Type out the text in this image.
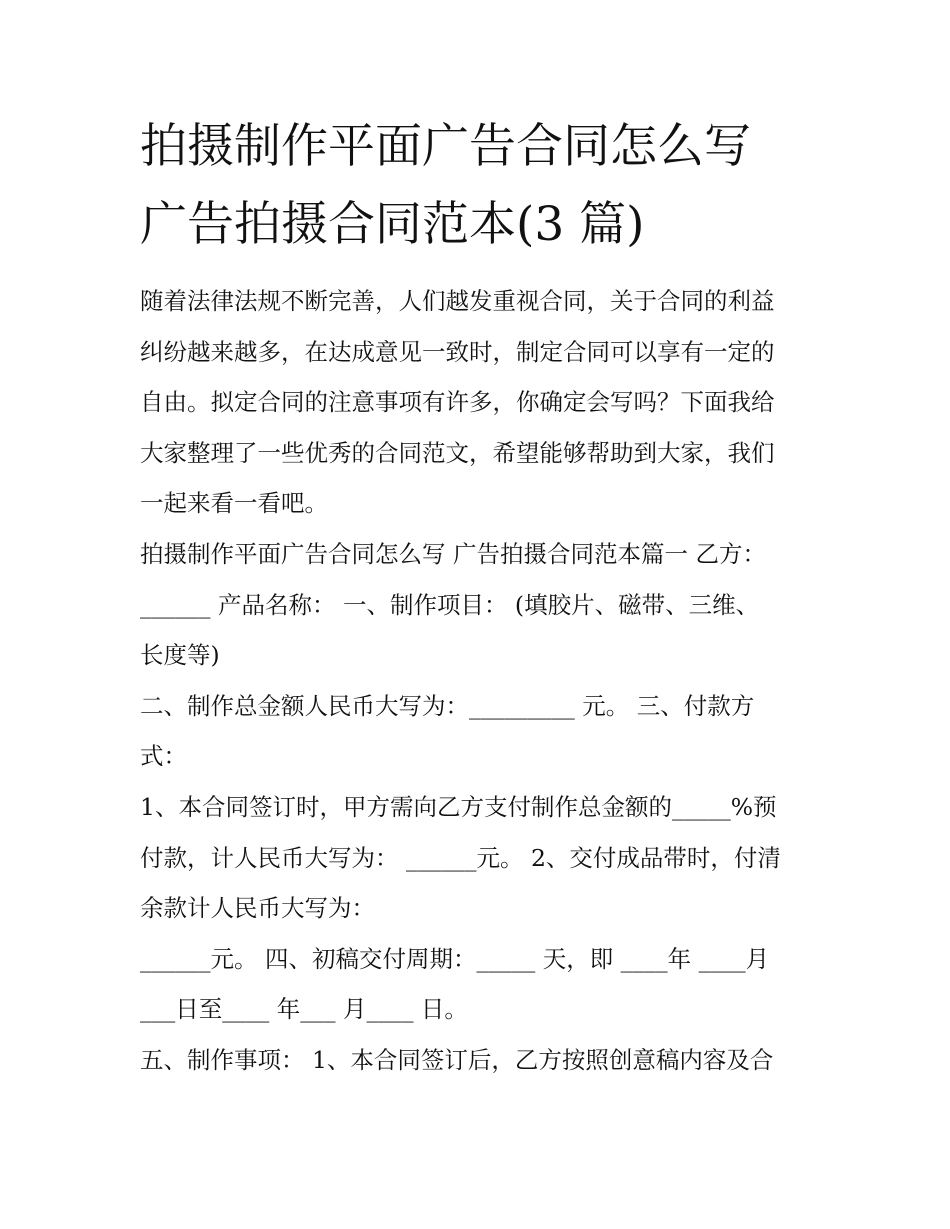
拍摄制作平面广告合同怎么写
广告拍摄合同范本(3 篇)
随着法律法规不断完善，人们越发重视合同，关于合同的利益
纠纷越来越多，在达成意见一致时，制定合同可以享有一定的
自由。拟定合同的注意事项有许多，你确定会写吗？下面我给
大家整理了一些优秀的合同范文，希望能够帮助到大家，我们
一起来看一看吧。
拍摄制作平面广告合同怎么写 广告拍摄合同范本篇一 乙方：
______ 产品名称： 一、制作项目： (填胶片、磁带、三维、
长度等)
二、制作总金额人民币大写为：_________ 元。 三、付款方
式：
1、本合同签订时，甲方需向乙方支付制作总金额的_____%预
付款，计人民币大写为： ______元。 2、交付成品带时，付清
余款计人民币大写为：
______元。 四、初稿交付周期：_____ 天，即 ____年 ____月
___日至____ 年___ 月____ 日。
五、制作事项： 1、本合同签订后，乙方按照创意稿内容及合
